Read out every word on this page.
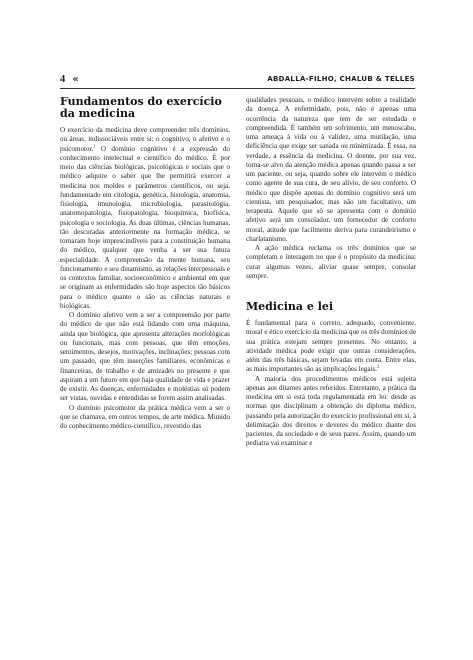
4 «	ABDALLA-FILHO, CHALUB & TELLES
Fundamentos do exercício da medicina

O exercício da medicina deve compreender três domínios, ou áreas, indissociáveis entre si: o cognitivo, o afetivo e o psicomotor.$^1$ O domínio cognitivo é a expressão do conhecimento intelectual e científico do médico. É por meio das ciências biológicas, psicológicas e sociais que o médico adquire o saber que lhe permitirá exercer a medicina nos moldes e parâmetros científicos, ou seja, fundamentado em citologia, genética, histologia, anatomia, fisiologia, imunologia, microbiologia, parasitologia, anatomopatologia, fisiopatologia, bioquímica, biofísica, psicologia e sociologia. As duas últimas, ciências humanas, tão descuradas anteriormente na formação médica, se tornaram hoje imprescindíveis para a constituição humana do médico, qualquer que venha a ser sua futura especialidade. A compreensão da mente humana, seu funcionamento e seu dinamismo, as relações interpessoais e os contextos familiar, socioeconômico e ambiental em que se originam as enfermidades são hoje aspectos tão básicos para o médico quanto o são as ciências naturais e biológicas.

O domínio afetivo vem a ser a compreensão por parte do médico de que não está lidando com uma máquina, ainda que biológica, que apresenta alterações morfológicas ou funcionais, mas com pessoas, que têm emoções, sentimentos, desejos, motivações, inclinações; pessoas com um passado, que têm inserções familiares, econômicas e financeiras, de trabalho e de amizades no presente e que aspiram a um futuro em que haja qualidade de vida e prazer de existir. As doenças, enfermidades e moléstias só podem ser vistas, ouvidas e entendidas se forem assim analisadas.

O domínio psicomotor da prática médica vem a ser o que se chamava, em outros tempos, de arte médica. Munido do conhecimento médico-científico, revestido das

qualidades pessoais, o médico intervém sobre a realidade da doença. A enfermidade, pois, não é apenas uma ocorrência da natureza que tem de ser estudada e compreendida. É também um sofrimento, um menoscabo, uma ameaça à vida ou à validez, uma mutilação, uma deficiência que exige ser sanada ou minimizada. É essa, na verdade, a essência da medicina. O doente, por sua vez, torna-se alvo da atenção médica apenas quando passa a ser um paciente, ou seja, quando sobre ele intervém o médico como agente de sua cura, de seu alívio, de seu conforto. O médico que dispõe apenas do domínio cognitivo será um cientista, um pesquisador, mas não um facultativo, um terapeuta. Aquele que só se apresenta com o domínio afetivo será um consolador, um fornecedor de conforto moral, atitude que facilmente deriva para curandeirismo e charlatanismo.

A ação médica reclama os três domínios que se completam e interagem no que é o propósito da medicina: curar algumas vezes, aliviar quase sempre, consolar sempre.

Medicina e lei

É fundamental para o correto, adequado, conveniente, moral e ético exercício da medicina que os três domínios de sua prática estejam sempre presentes. No entanto, a atividade médica pode exigir que outras considerações, além das três básicas, sejam levadas em conta. Entre elas, as mais importantes são as implicações legais.$^2$

A maioria dos procedimentos médicos está sujeita apenas aos ditames antes referidos. Entretanto, a prática da medicina em si está toda regulamentada em lei: desde as normas que disciplinam a obtenção do diploma médico, passando pela autorização do exercício profissional em si, à delimitação dos direitos e deveres do médico diante dos pacientes, da sociedade e de seus pares. Assim, quando um pediatra vai examinar e
